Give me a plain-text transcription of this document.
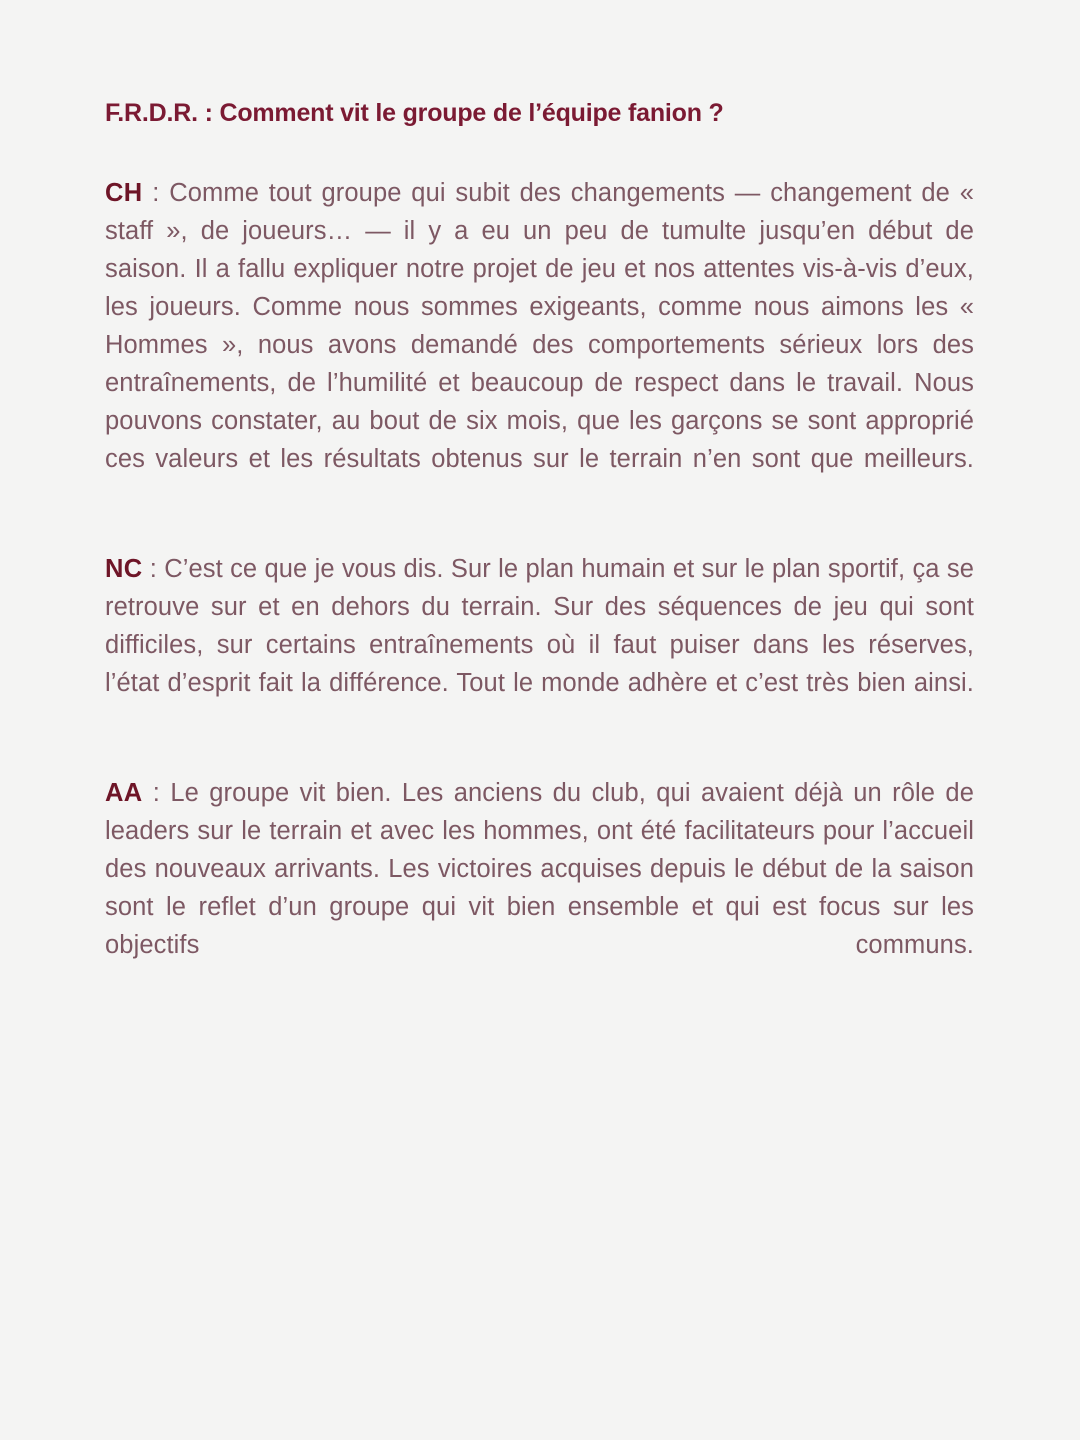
F.R.D.R. : Comment vit le groupe de l’équipe fanion ?

CH : Comme tout groupe qui subit des changements — changement de « staff », de joueurs… — il y a eu un peu de tumulte jusqu’en début de saison. Il a fallu expliquer notre projet de jeu et nos attentes vis-à-vis d’eux, les joueurs. Comme nous sommes exigeants, comme nous aimons les « Hommes », nous avons demandé des comportements sérieux lors des entraînements, de l’humilité et beaucoup de respect dans le travail. Nous pouvons constater, au bout de six mois, que les garçons se sont approprié ces valeurs et les résultats obtenus sur le terrain n’en sont que meilleurs.

NC : C’est ce que je vous dis. Sur le plan humain et sur le plan sportif, ça se retrouve sur et en dehors du terrain. Sur des séquences de jeu qui sont difficiles, sur certains entraînements où il faut puiser dans les réserves, l’état d’esprit fait la différence. Tout le monde adhère et c’est très bien ainsi.

AA : Le groupe vit bien. Les anciens du club, qui avaient déjà un rôle de leaders sur le terrain et avec les hommes, ont été facilitateurs pour l’accueil des nouveaux arrivants. Les victoires acquises depuis le début de la saison sont le reflet d’un groupe qui vit bien ensemble et qui est focus sur les objectifs communs.
